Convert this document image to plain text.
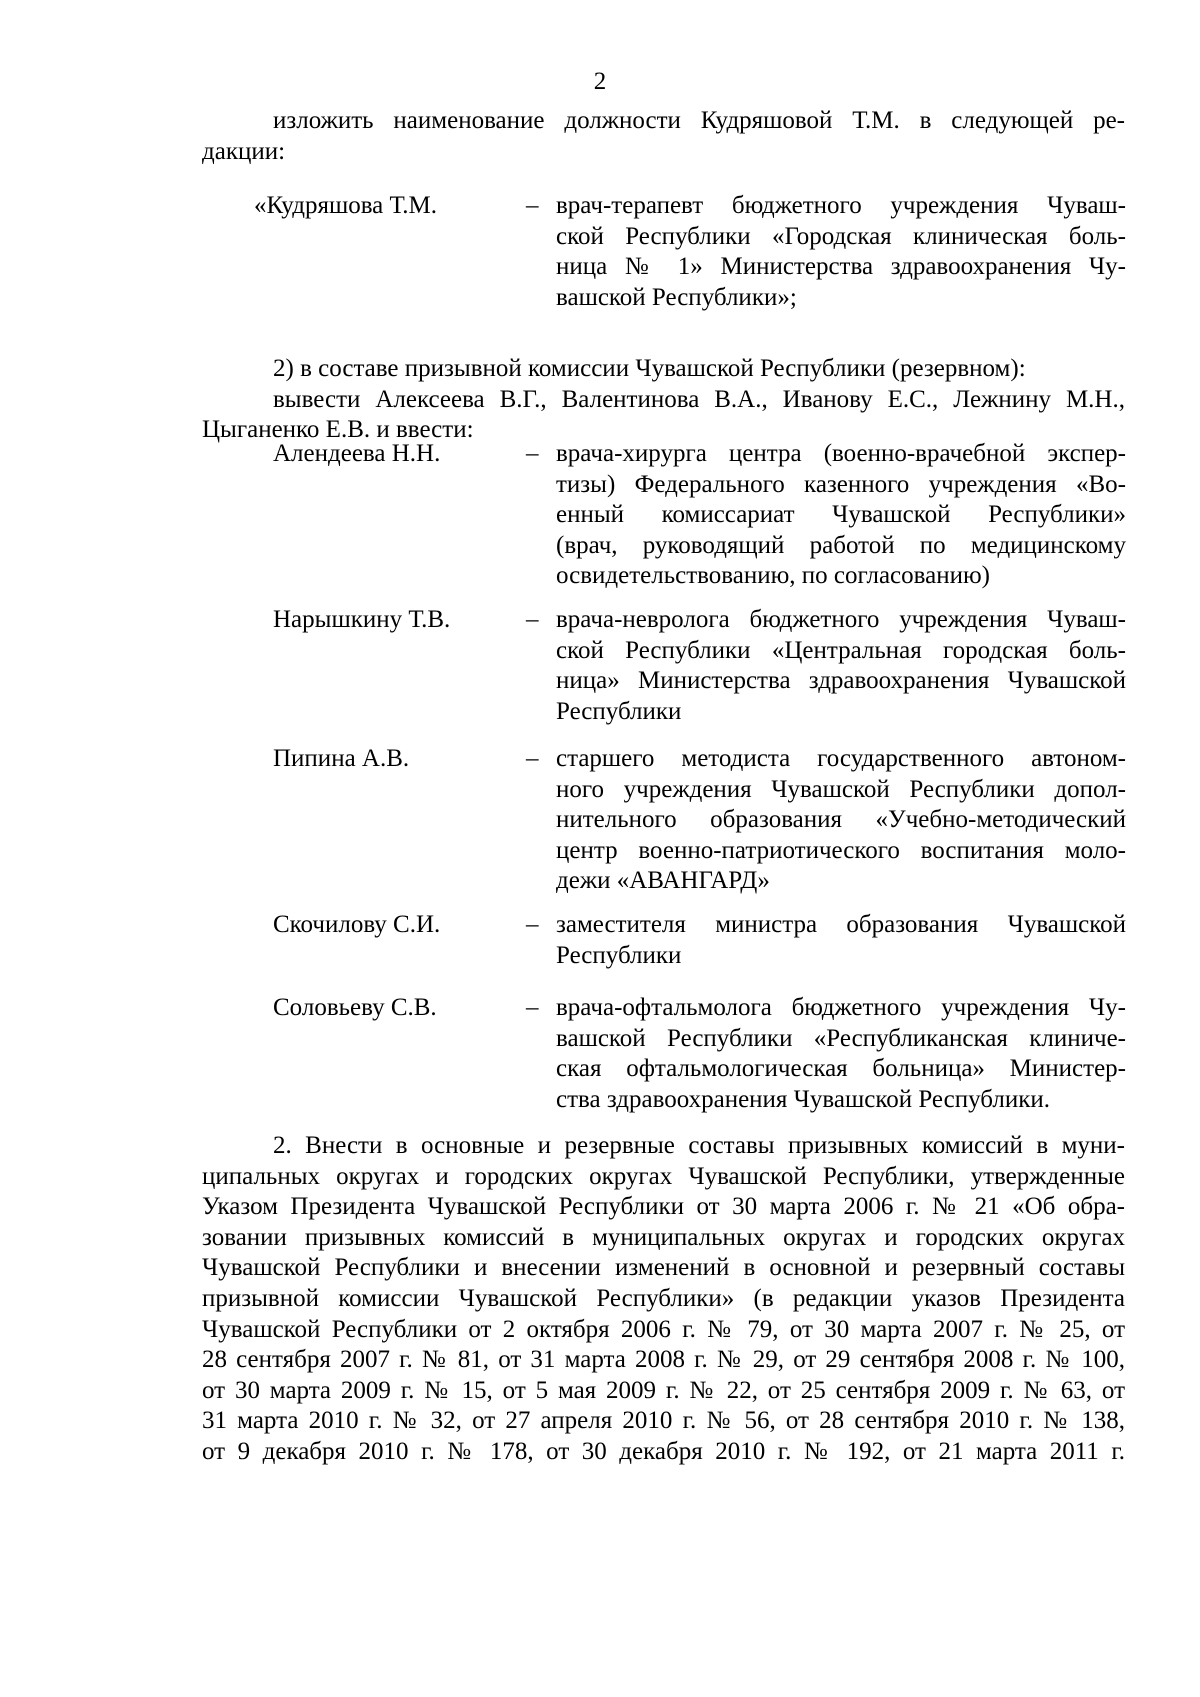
2
изложить наименование должности Кудряшовой Т.М. в следующей ре-
дакции:
«Кудряшова Т.М.	– врач-терапевт бюджетного учреждения Чуваш-
ской Республики «Городская клиническая боль-
ница № 1» Министерства здравоохранения Чу-
вашской Республики»;
2) в составе призывной комиссии Чувашской Республики (резервном):
вывести Алексеева В.Г., Валентинова В.А., Иванову Е.С., Лежнину М.Н.,
Цыганенко Е.В. и ввести:
Алендеева Н.Н.	– врача-хирурга центра (военно-врачебной экспер-
тизы) Федерального казенного учреждения «Во-
енный комиссариат Чувашской Республики»
(врач, руководящий работой по медицинскому
освидетельствованию, по согласованию)
Нарышкину Т.В.	– врача-невролога бюджетного учреждения Чуваш-
ской Республики «Центральная городская боль-
ница» Министерства здравоохранения Чувашской
Республики
Пипина А.В.	– старшего методиста государственного автоном-
ного учреждения Чувашской Республики допол-
нительного образования «Учебно-методический
центр военно-патриотического воспитания моло-
дежи «АВАНГАРД»
Скочилову С.И.	– заместителя министра образования Чувашской
Республики
Соловьеву С.В.	– врача-офтальмолога бюджетного учреждения Чу-
вашской Республики «Республиканская клиниче-
ская офтальмологическая больница» Министер-
ства здравоохранения Чувашской Республики.
2. Внести в основные и резервные составы призывных комиссий в муни-
ципальных округах и городских округах Чувашской Республики, утвержденные
Указом Президента Чувашской Республики от 30 марта 2006 г. № 21 «Об обра-
зовании призывных комиссий в муниципальных округах и городских округах
Чувашской Республики и внесении изменений в основной и резервный составы
призывной комиссии Чувашской Республики» (в редакции указов Президента
Чувашской Республики от 2 октября 2006 г. № 79, от 30 марта 2007 г. № 25, от
28 сентября 2007 г. № 81, от 31 марта 2008 г. № 29, от 29 сентября 2008 г. № 100,
от 30 марта 2009 г. № 15, от 5 мая 2009 г. № 22, от 25 сентября 2009 г. № 63, от
31 марта 2010 г. № 32, от 27 апреля 2010 г. № 56, от 28 сентября 2010 г. № 138,
от 9 декабря 2010 г. № 178, от 30 декабря 2010 г. № 192, от 21 марта 2011 г.
